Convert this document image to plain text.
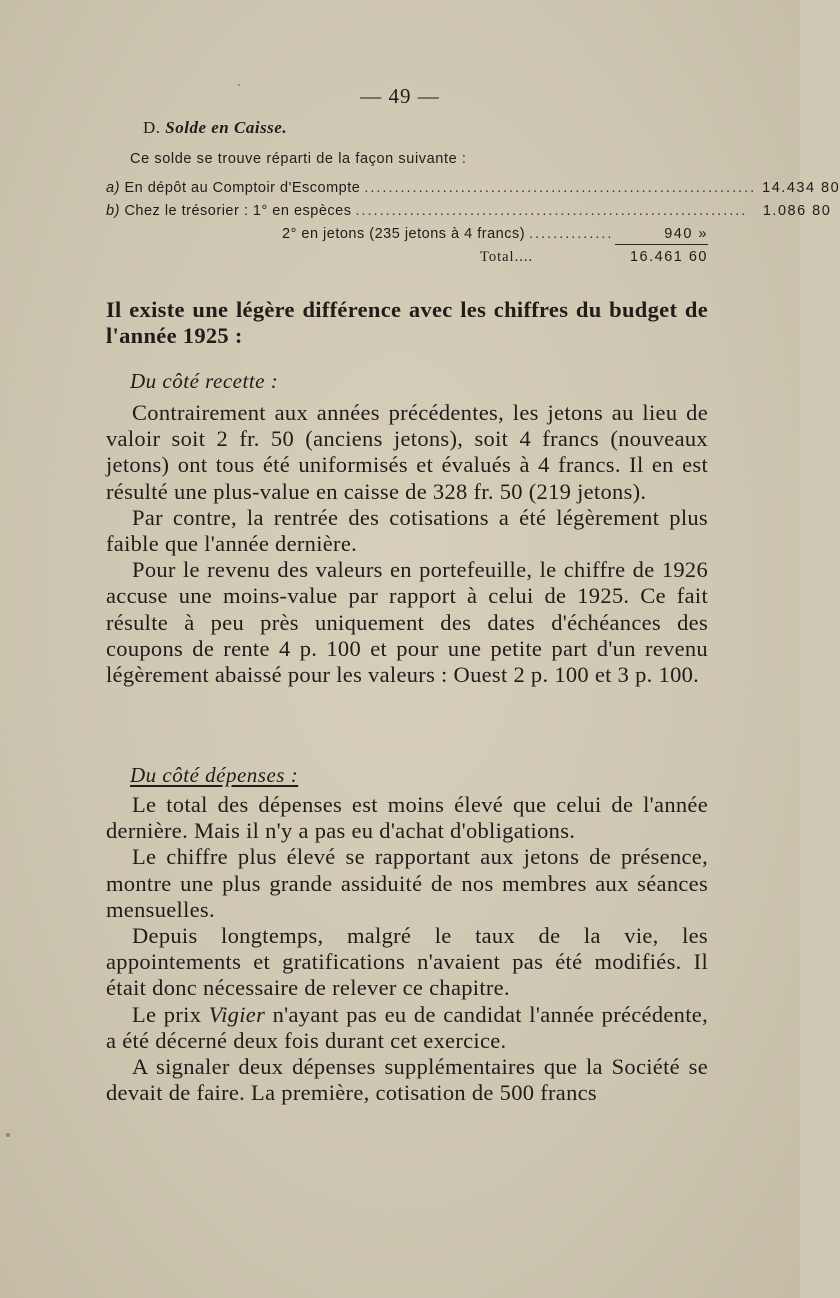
— 49 —
D. Solde en Caisse.
Ce solde se trouve réparti de la façon suivante :
a) En dépôt au Comptoir d'Escompte ................................................................. 14.434 80
b) Chez le trésorier : 1° en espèces .................................................................	1.086 80
2° en jetons (235 jetons à 4 francs) ..............	940 »
Total....	16.461 60

Il existe une légère différence avec les chiffres du budget de l'année 1925 :

Du côté recette :

Contrairement aux années précédentes, les jetons au lieu de valoir soit 2 fr. 50 (anciens jetons), soit 4 francs (nouveaux jetons) ont tous été uniformisés et évalués à 4 francs. Il en est résulté une plus-value en caisse de 328 fr. 50 (219 jetons).

Par contre, la rentrée des cotisations a été légèrement plus faible que l'année dernière.

Pour le revenu des valeurs en portefeuille, le chiffre de 1926 accuse une moins-value par rapport à celui de 1925. Ce fait résulte à peu près uniquement des dates d'échéances des coupons de rente 4 p. 100 et pour une petite part d'un revenu légèrement abaissé pour les valeurs : Ouest 2 p. 100 et 3 p. 100.

Du côté dépenses :

Le total des dépenses est moins élevé que celui de l'année dernière. Mais il n'y a pas eu d'achat d'obligations.

Le chiffre plus élevé se rapportant aux jetons de présence, montre une plus grande assiduité de nos membres aux séances mensuelles.

Depuis longtemps, malgré le taux de la vie, les appointements et gratifications n'avaient pas été modifiés. Il était donc nécessaire de relever ce chapitre.

Le prix Vigier n'ayant pas eu de candidat l'année précédente, a été décerné deux fois durant cet exercice.

A signaler deux dépenses supplémentaires que la Société se devait de faire. La première, cotisation de 500 francs
